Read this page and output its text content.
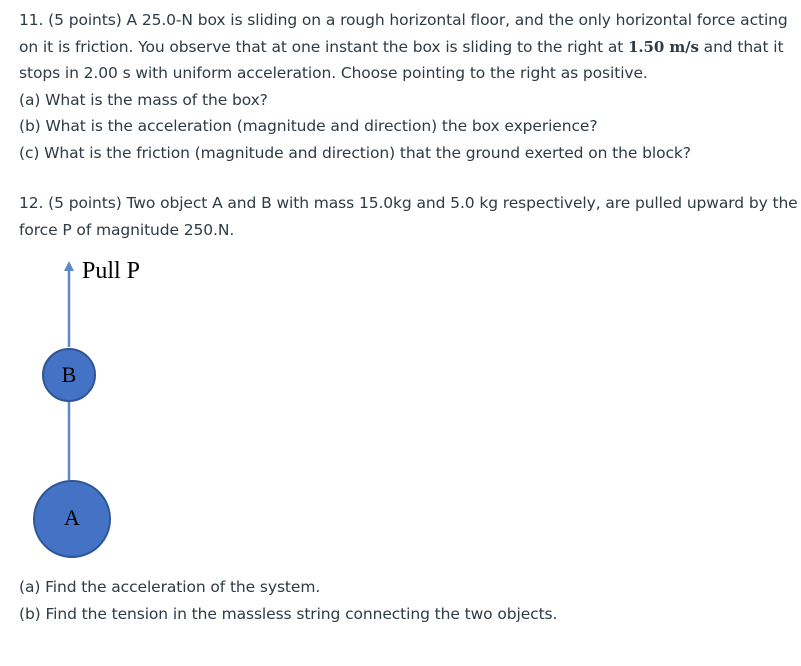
11. (5 points) A 25.0-N box is sliding on a rough horizontal floor, and the only horizontal force acting
on it is friction. You observe that at one instant the box is sliding to the right at 1.50 m/s and that it
stops in 2.00 s with uniform acceleration. Choose pointing to the right as positive.
(a) What is the mass of the box?
(b) What is the acceleration (magnitude and direction) the box experience?
(c) What is the friction (magnitude and direction) that the ground exerted on the block?
12. (5 points) Two object A and B with mass 15.0kg and 5.0 kg respectively, are pulled upward by the
force P of magnitude 250.N.
Pull P
B
A
(a) Find the acceleration of the system.
(b) Find the tension in the massless string connecting the two objects.
